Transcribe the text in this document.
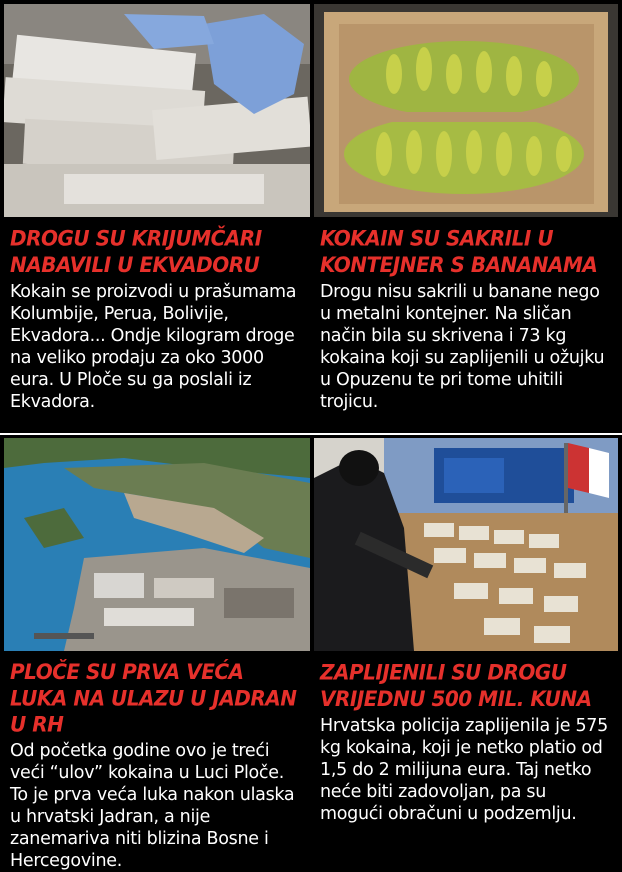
DROGU SU KRIJUMČARI NABAVILI U EKVADORU
Kokain se proizvodi u prašumama Kolumbije, Perua, Bolivije, Ekvadora... Ondje kilogram droge na veliko prodaju za oko 3000 eura. U Ploče su ga poslali iz Ekvadora.
KOKAIN SU SAKRILI U KONTEJNER S BANANAMA
Drogu nisu sakrili u banane nego u metalni kontejner. Na sličan način bila su skrivena i 73 kg kokaina koji su zaplijenili u ožujku u Opuzenu te pri tome uhitili trojicu.
PLOČE SU PRVA VEĆA LUKA NA ULAZU U JADRAN U RH
Od početka godine ovo je treći veći “ulov” kokaina u Luci Ploče. To je prva veća luka nakon ulaska u hrvatski Jadran, a nije zanemariva niti blizina Bosne i Hercegovine.
ZAPLIJENILI SU DROGU VRIJEDNU 500 MIL. KUNA
Hrvatska policija zaplijenila je 575 kg kokaina, koji je netko platio od 1,5 do 2 milijuna eura. Taj netko neće biti zadovoljan, pa su mogući obračuni u podzemlju.
